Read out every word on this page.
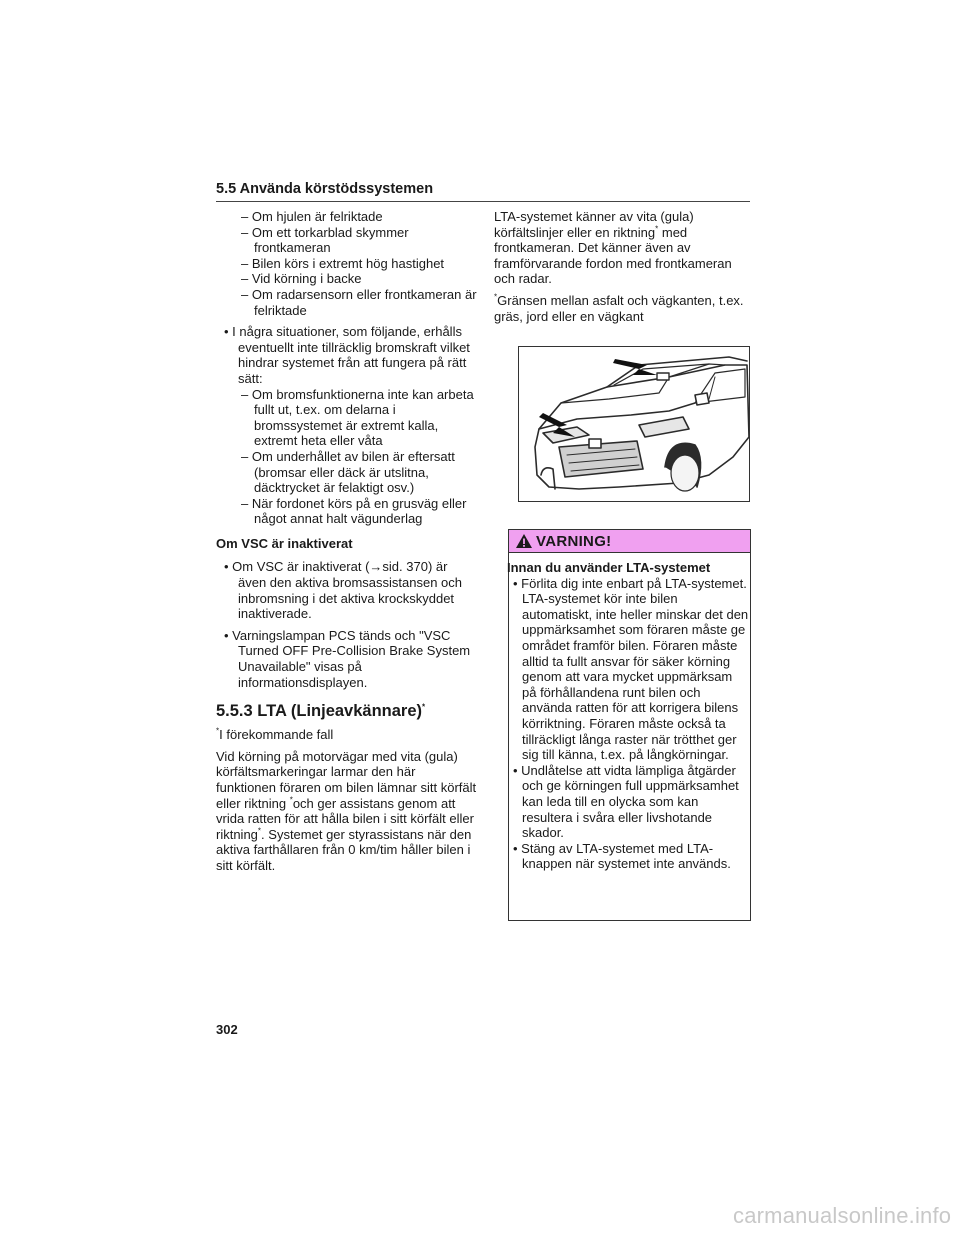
5.5 Använda körstödssystemen
– Om hjulen är felriktade
– Om ett torkarblad skymmer frontkameran
– Bilen körs i extremt hög hastighet
– Vid körning i backe
– Om radarsensorn eller frontkameran är felriktade
• I några situationer, som följande, erhålls eventuellt inte tillräcklig bromskraft vilket hindrar systemet från att fungera på rätt sätt:
– Om bromsfunktionerna inte kan arbeta fullt ut, t.ex. om delarna i bromssystemet är extremt kalla, extremt heta eller våta
– Om underhållet av bilen är eftersatt (bromsar eller däck är utslitna, däcktrycket är felaktigt osv.)
– När fordonet körs på en grusväg eller något annat halt vägunderlag
Om VSC är inaktiverat
• Om VSC är inaktiverat (→sid. 370) är även den aktiva bromsassistansen och inbromsning i det aktiva krockskyddet inaktiverade.
• Varningslampan PCS tänds och "VSC Turned OFF Pre-Collision Brake System Unavailable" visas på informationsdisplayen.
5.5.3 LTA (Linjeavkännare)*
*I förekommande fall
Vid körning på motorvägar med vita (gula) körfältsmarkeringar larmar den här funktionen föraren om bilen lämnar sitt körfält eller riktning *och ger assistans genom att vrida ratten för att hålla bilen i sitt körfält eller riktning*. Systemet ger styrassistans när den aktiva farthållaren från 0 km/tim håller bilen i sitt körfält.
LTA-systemet känner av vita (gula) körfältslinjer eller en riktning* med frontkameran. Det känner även av framförvarande fordon med frontkameran och radar.
*Gränsen mellan asfalt och vägkanten, t.ex. gräs, jord eller en vägkant
VARNING!
Innan du använder LTA-systemet
• Förlita dig inte enbart på LTA-systemet. LTA-systemet kör inte bilen automatiskt, inte heller minskar det den uppmärksamhet som föraren måste ge området framför bilen. Föraren måste alltid ta fullt ansvar för säker körning genom att vara mycket uppmärksam på förhållandena runt bilen och använda ratten för att korrigera bilens körriktning. Föraren måste också ta tillräckligt långa raster när trötthet ger sig till känna, t.ex. på långkörningar.
• Undlåtelse att vidta lämpliga åtgärder och ge körningen full uppmärksamhet kan leda till en olycka som kan resultera i svåra eller livshotande skador.
• Stäng av LTA-systemet med LTA-knappen när systemet inte används.
302
carmanualsonline.info
